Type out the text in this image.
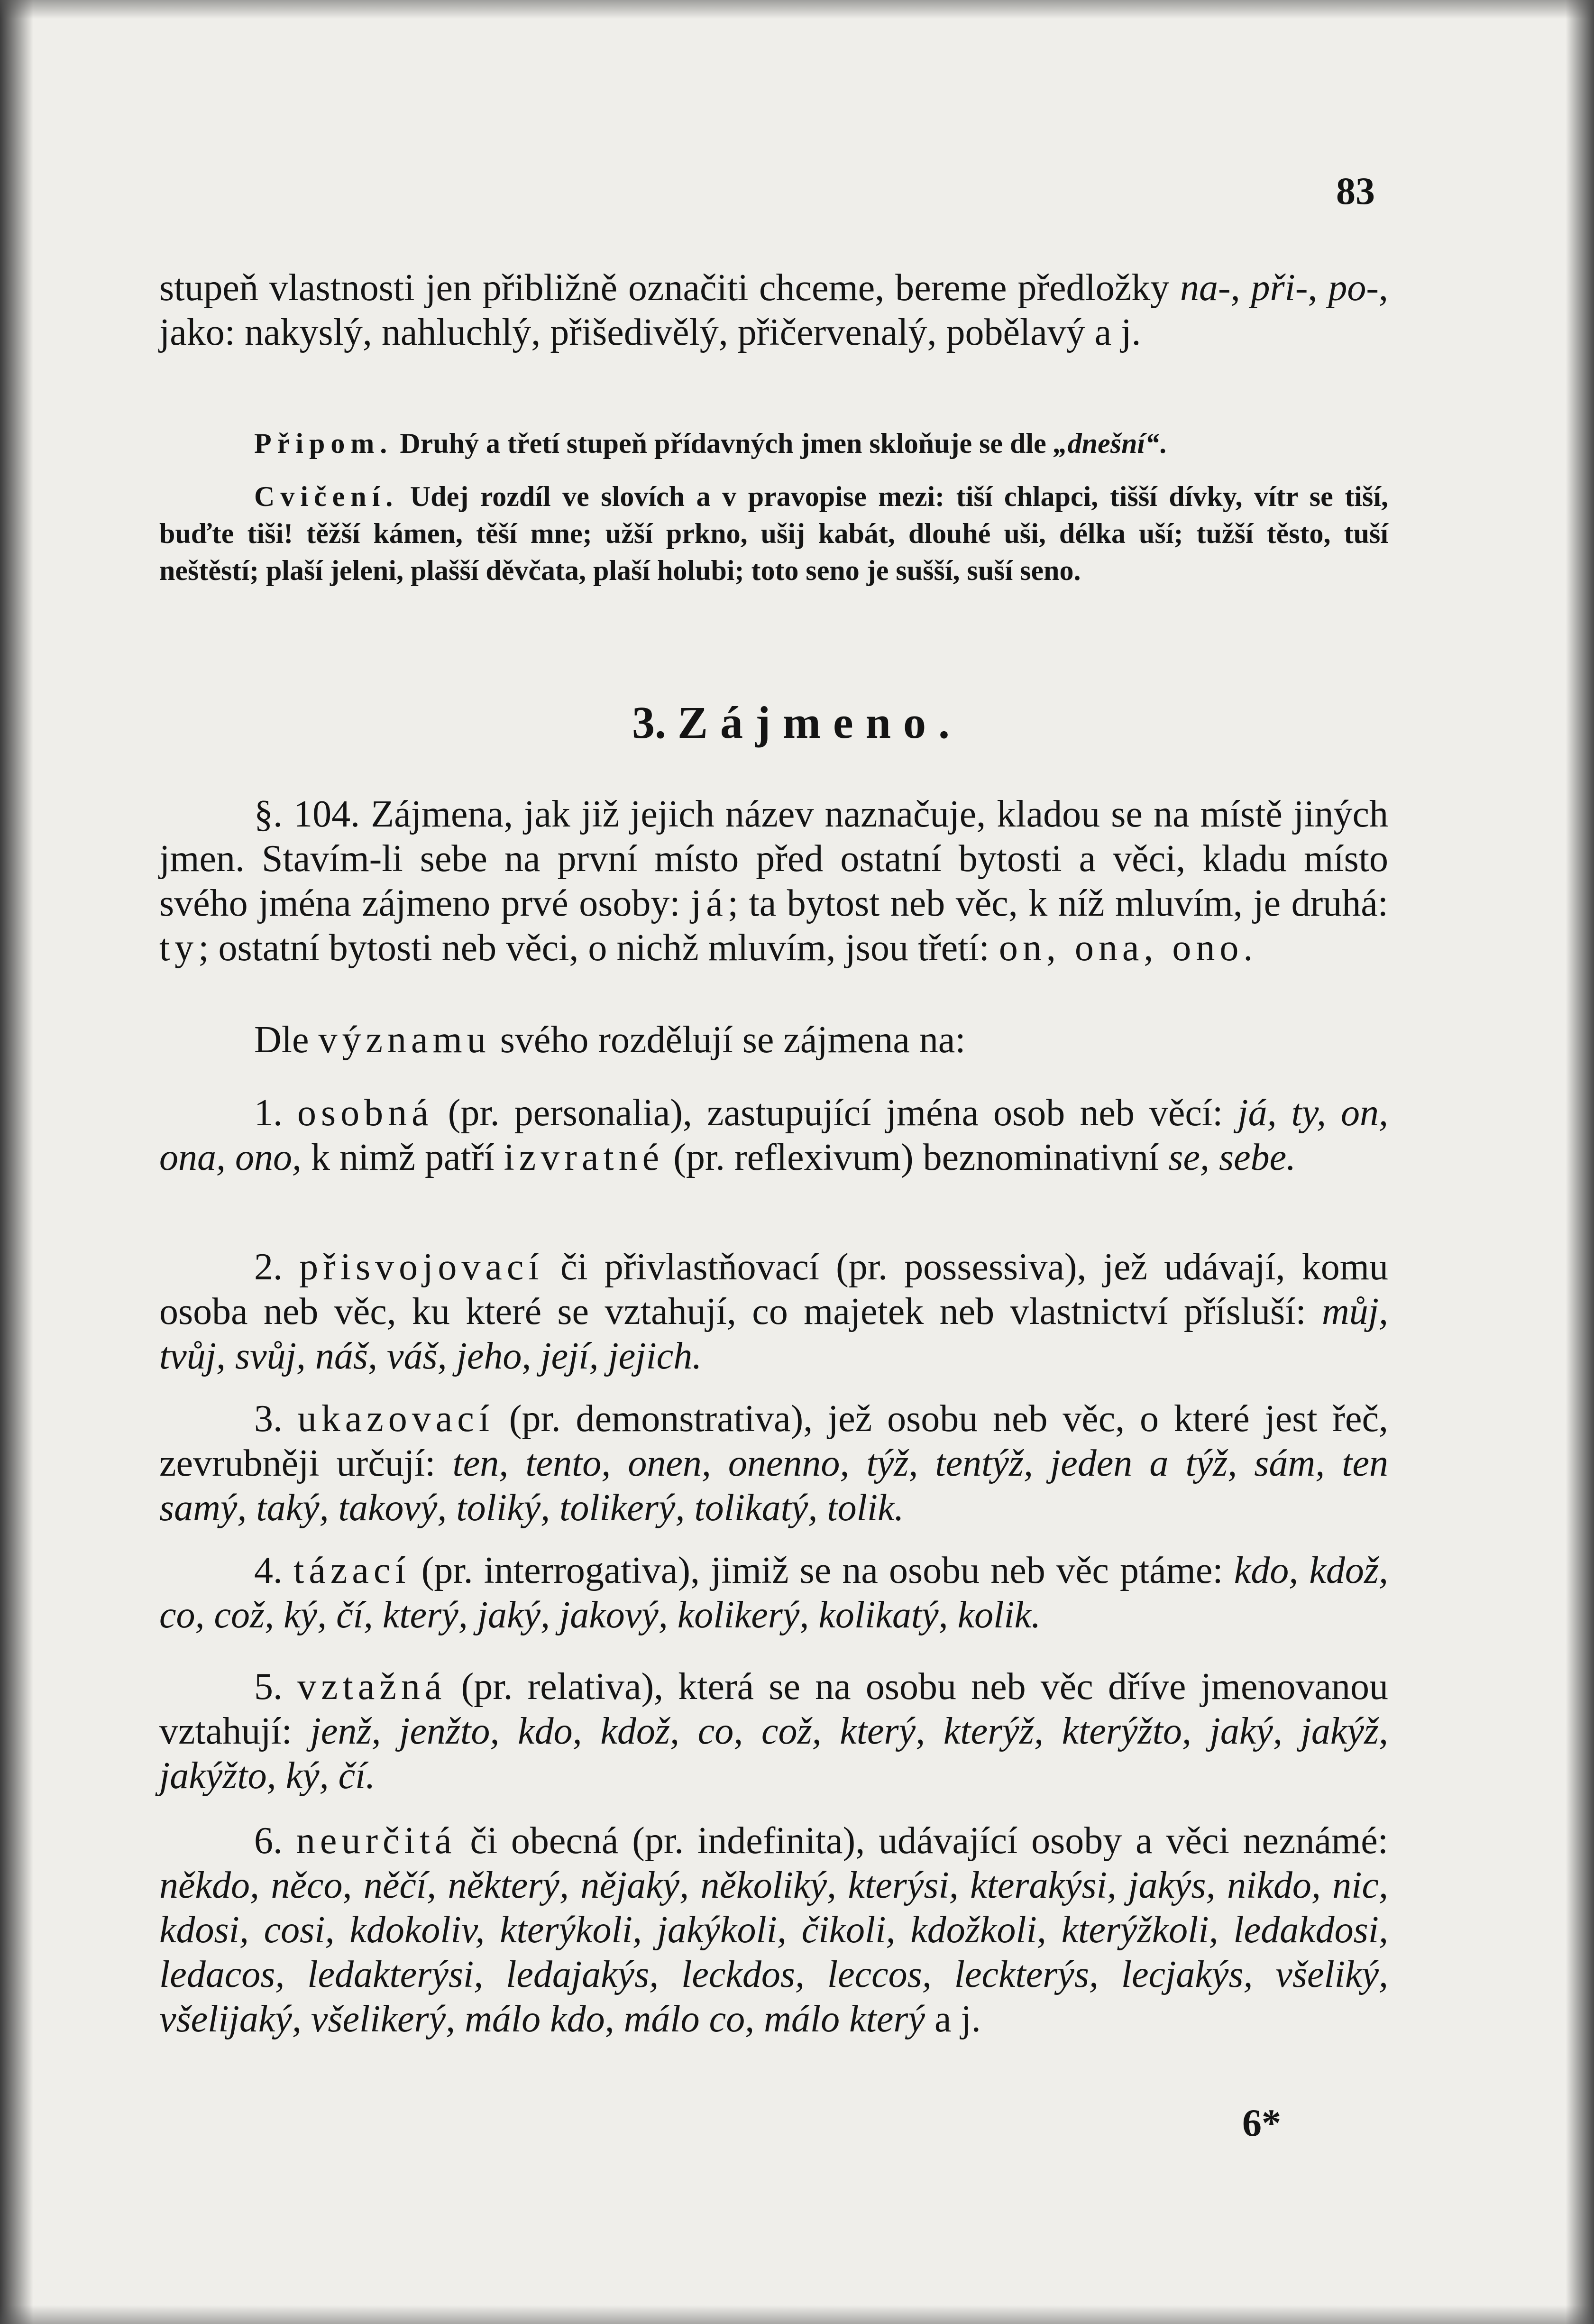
83
stupeň vlastnosti jen přibližně označiti chceme, bereme předložky na-, při-, po-, jako: nakyslý, nahluchlý, přišedivělý, přičervenalý, pobělavý a j.
Připom. Druhý a třetí stupeň přídavných jmen skloňuje se dle „dnešní“.
Cvičení. Udej rozdíl ve slovích a v pravopise mezi: tiší chlapci, tišší dívky, vítr se tiší, buďte tiši! těžší kámen, těší mne; užší prkno, ušij kabát, dlouhé uši, délka uší; tužší těsto, tuší neštěstí; plaší jeleni, plašší děvčata, plaší holubi; toto seno je sušší, suší seno.
3. Zájmeno.
§. 104. Zájmena, jak již jejich název naznačuje, kladou se na místě jiných jmen. Stavím-li sebe na první místo před ostatní bytosti a věci, kladu místo svého jména zájmeno prvé osoby: já; ta bytost neb věc, k níž mluvím, je druhá: ty; ostatní bytosti neb věci, o nichž mluvím, jsou třetí: on, ona, ono.
Dle významu svého rozdělují se zájmena na:
1. osobná (pr. personalia), zastupující jména osob neb věcí: já, ty, on, ona, ono, k nimž patří izvratné (pr. reflexivum) beznominativní se, sebe.
2. přisvojovací či přivlastňovací (pr. possessiva), jež udávají, komu osoba neb věc, ku které se vztahují, co majetek neb vlastnictví přísluší: můj, tvůj, svůj, náš, váš, jeho, její, jejich.
3. ukazovací (pr. demonstrativa), jež osobu neb věc, o které jest řeč, zevrubněji určují: ten, tento, onen, onenno, týž, tentýž, jeden a týž, sám, ten samý, taký, takový, toliký, tolikerý, tolikatý, tolik.
4. tázací (pr. interrogativa), jimiž se na osobu neb věc ptáme: kdo, kdož, co, což, ký, čí, který, jaký, jakový, kolikerý, kolikatý, kolik.
5. vztažná (pr. relativa), která se na osobu neb věc dříve jmenovanou vztahují: jenž, jenžto, kdo, kdož, co, což, který, kterýž, kterýžto, jaký, jakýž, jakýžto, ký, čí.
6. neurčitá či obecná (pr. indefinita), udávající osoby a věci neznámé: někdo, něco, něčí, některý, nějaký, několiký, kterýsi, kterakýsi, jakýs, nikdo, nic, kdosi, cosi, kdokoliv, kterýkoli, jakýkoli, čikoli, kdožkoli, kterýžkoli, ledakdosi, ledacos, ledakterýsi, ledajakýs, leckdos, leccos, leckterýs, lecjakýs, všeliký, všelijaký, všelikerý, málo kdo, málo co, málo který a j.
6*
